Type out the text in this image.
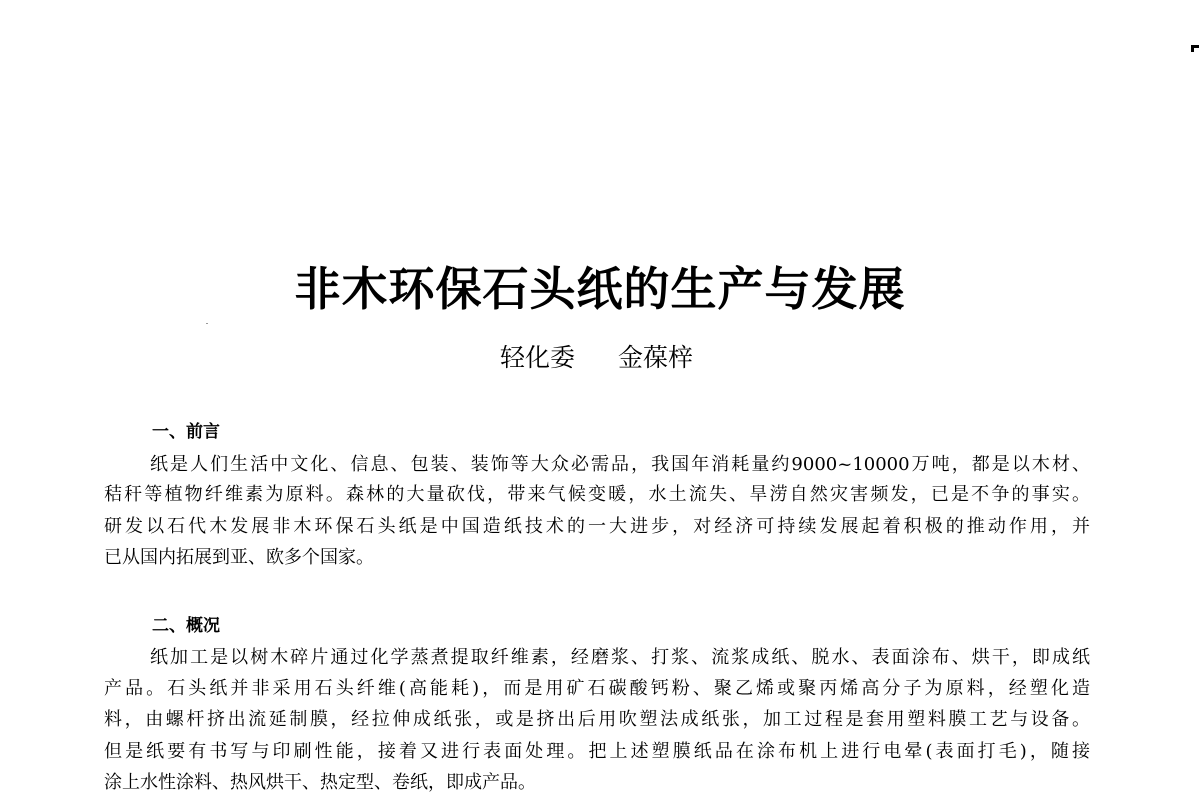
非木环保石头纸的生产与发展
轻化委 金葆梓
一、前言
纸是人们生活中文化、信息、包装、装饰等大众必需品，我国年消耗量约9000~10000万吨，都是以木材、
秸秆等植物纤维素为原料。森林的大量砍伐，带来气候变暖，水土流失、旱涝自然灾害频发，已是不争的事实。
研发以石代木发展非木环保石头纸是中国造纸技术的一大进步，对经济可持续发展起着积极的推动作用，并
已从国内拓展到亚、欧多个国家。
二、概况
纸加工是以树木碎片通过化学蒸煮提取纤维素，经磨浆、打浆、流浆成纸、脱水、表面涂布、烘干，即成纸
产品。石头纸并非采用石头纤维(高能耗)，而是用矿石碳酸钙粉、聚乙烯或聚丙烯高分子为原料，经塑化造
料，由螺杆挤出流延制膜，经拉伸成纸张，或是挤出后用吹塑法成纸张，加工过程是套用塑料膜工艺与设备。
但是纸要有书写与印刷性能，接着又进行表面处理。把上述塑膜纸品在涂布机上进行电晕(表面打毛)，随接
涂上水性涂料、热风烘干、热定型、卷纸，即成产品。
